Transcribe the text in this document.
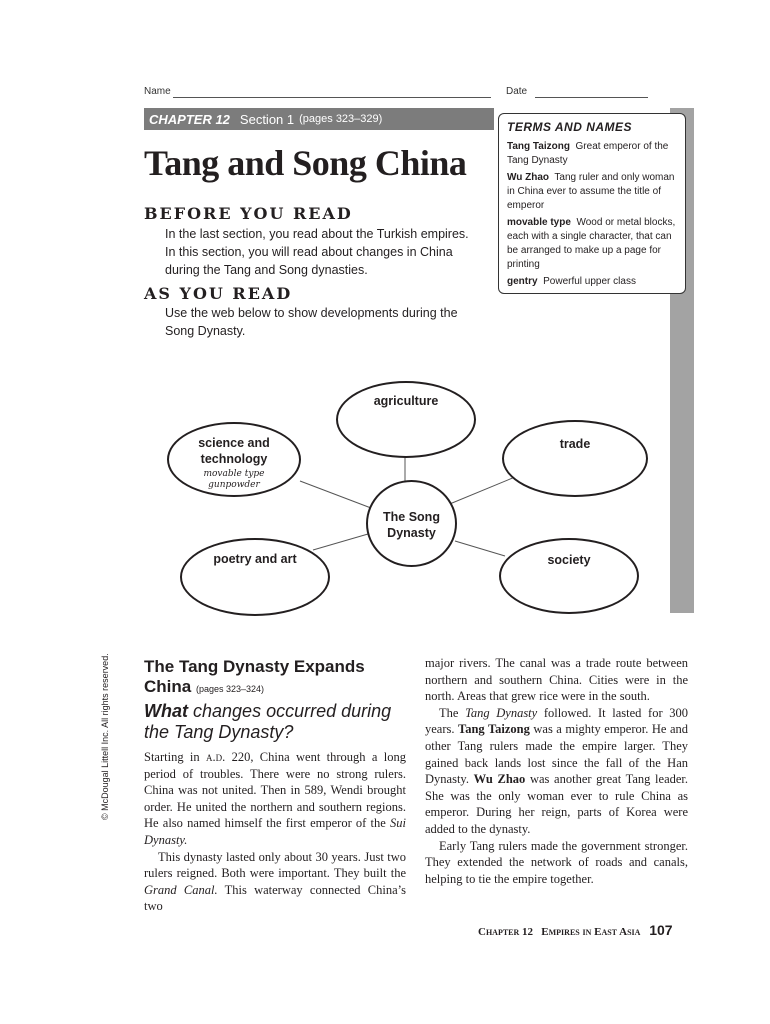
Name	Date
CHAPTER 12 Section 1 (pages 323–329)
TERMS AND NAMES
Tang Taizong Great emperor of the Tang Dynasty
Wu Zhao Tang ruler and only woman in China ever to assume the title of emperor
movable type Wood or metal blocks, each with a single character, that can be arranged to make up a page for printing
gentry Powerful upper class
Tang and Song China
BEFORE YOU READ
In the last section, you read about the Turkish empires. In this section, you will read about changes in China during the Tang and Song dynasties.
AS YOU READ
Use the web below to show developments during the Song Dynasty.
agriculture
science and technology
movable type
gunpowder
trade
The Song Dynasty
poetry and art	society
© McDougal Littell Inc. All rights reserved. The Tang Dynasty Expands China (pages 323–324)
What changes occurred during the Tang Dynasty?

Starting in a.d. 220, China went through a long period of troubles. There were no strong rulers. China was not united. Then in 589, Wendi brought order. He united the northern and southern regions. He also named himself the first emperor of the Sui Dynasty.

This dynasty lasted only about 30 years. Just two rulers reigned. Both were important. They built the Grand Canal. This waterway connected China’s two

major rivers. The canal was a trade route between northern and southern China. Cities were in the north. Areas that grew rice were in the south.

The Tang Dynasty followed. It lasted for 300 years. Tang Taizong was a mighty emperor. He and other Tang rulers made the empire larger. They gained back lands lost since the fall of the Han Dynasty. Wu Zhao was another great Tang leader. She was the only woman ever to rule China as emperor. During her reign, parts of Korea were added to the dynasty.

Early Tang rulers made the government stronger. They extended the network of roads and canals, helping to tie the empire together.

Chapter 12 Empires in East Asia 107
